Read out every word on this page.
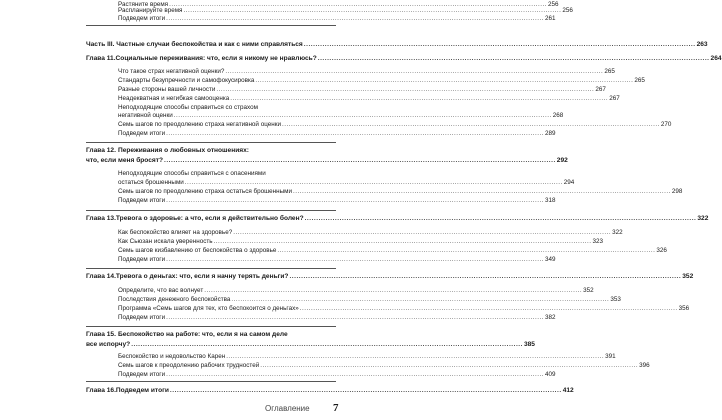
Растяните время .....	256
Распланируйте время .....	256
Подведем итоги .....	261
Часть III. Частные случаи беспокойства и как с ними справляться .....	263
Глава 11. Социальные переживания: что, если я никому не нравлюсь? .....	264
Что такое страх негативной оценки? .....	265
Стандарты безупречности и самофокусировка .....	265
Разные стороны вашей личности .....	267
Неадекватная и негибкая самооценка .....	267
Неподходящие способы справиться со страхом
негативной оценки .....	268
Семь шагов по преодолению страха негативной оценки .....	270
Подведем итоги .....	289
Глава 12. Переживания о любовных отношениях:
что, если меня бросят? .....	292
Неподходящие способы справиться с опасениями
остаться брошенными .....	294
Семь шагов по преодолению страха остаться брошенными .....	298
Подведем итоги .....	318
Глава 13. Тревога о здоровье: а что, если я действительно болен? .....	322
Как беспокойство влияет на здоровье? .....	322
Как Сьюзан искала уверенность .....	323
Семь шагов кизбавлению от беспокойства о здоровье .....	326
Подведем итоги .....	349
Глава 14. Тревога о деньгах: что, если я начну терять деньги? .....	352
Определите, что вас волнует .....	352
Последствия денежного беспокойства .....	353
Программа «Семь шагов для тех, кто беспокоится о деньгах» .....	356
Подведем итоги .....	382
Глава 15. Беспокойство на работе: что, если я на самом деле
все испорчу? .....	385
Беспокойство и недовольство Карен .....	391
Семь шагов к преодолению рабочих трудностей .....	396
Подведем итоги .....	409
Глава 16. Подведем итоги .....	412
Оглавление 7
